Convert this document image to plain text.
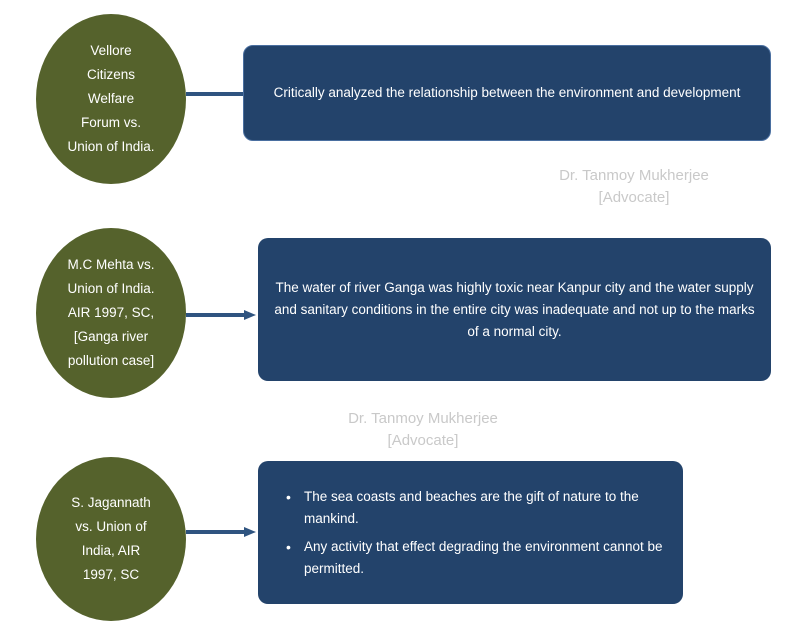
Vellore
Citizens
Welfare
Forum vs.
Union of India.
Critically analyzed the relationship between the environment and development
Dr. Tanmoy Mukherjee
[Advocate]
M.C Mehta vs.
Union of India.
AIR 1997, SC,
[Ganga river
pollution case]
The water of river Ganga was highly toxic near Kanpur city and the water supply and sanitary conditions in the entire city was inadequate and not up to the marks of a normal city.
Dr. Tanmoy Mukherjee
[Advocate]
S. Jagannath
vs. Union of
India, AIR
1997, SC
• The sea coasts and beaches are the gift of nature to the mankind.
• Any activity that effect degrading the environment cannot be permitted.
